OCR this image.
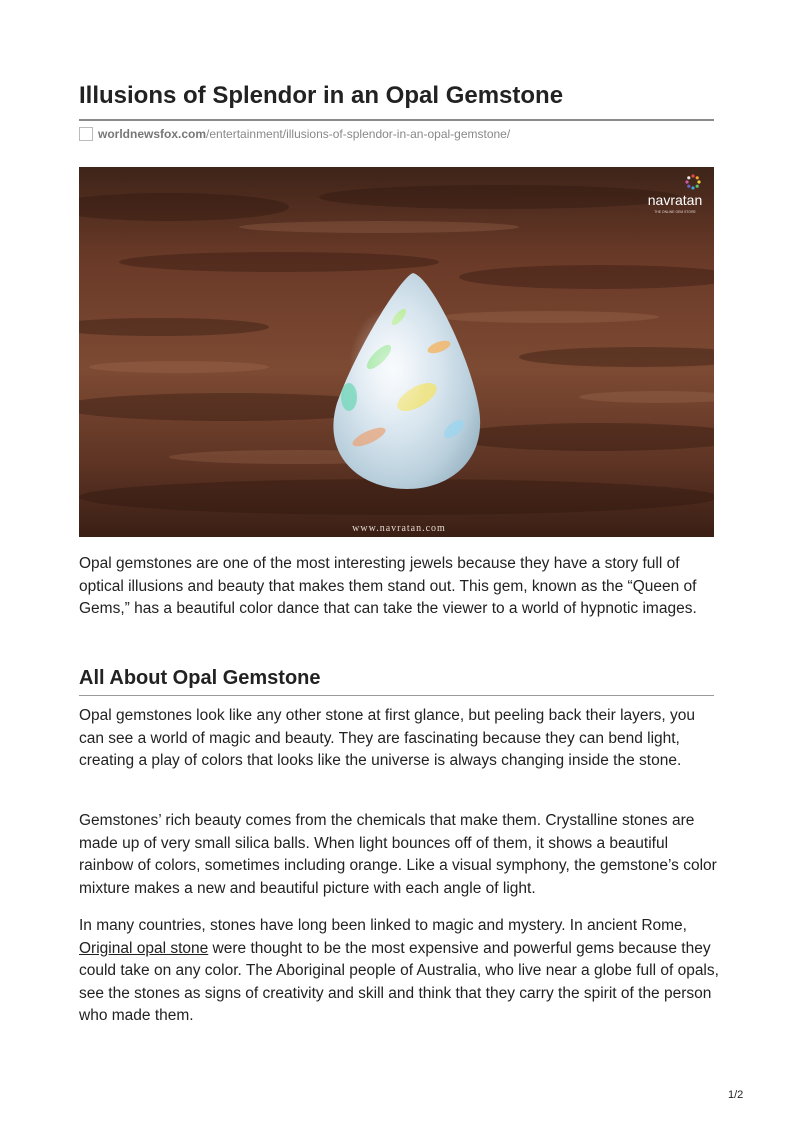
Illusions of Splendor in an Opal Gemstone
worldnewsfox.com /entertainment/illusions-of-splendor-in-an-opal-gemstone/
navratan
THE ONLINE GEM STORE
www.navratan.com

Opal gemstones are one of the most interesting jewels because they have a story full of optical illusions and beauty that makes them stand out. This gem, known as the “Queen of Gems,” has a beautiful color dance that can take the viewer to a world of hypnotic images.

All About Opal Gemstone

Opal gemstones look like any other stone at first glance, but peeling back their layers, you can see a world of magic and beauty. They are fascinating because they can bend light, creating a play of colors that looks like the universe is always changing inside the stone.

Gemstones’ rich beauty comes from the chemicals that make them. Crystalline stones are made up of very small silica balls. When light bounces off of them, it shows a beautiful rainbow of colors, sometimes including orange. Like a visual symphony, the gemstone’s color mixture makes a new and beautiful picture with each angle of light.

In many countries, stones have long been linked to magic and mystery. In ancient Rome, Original opal stone were thought to be the most expensive and powerful gems because they could take on any color. The Aboriginal people of Australia, who live near a globe full of opals, see the stones as signs of creativity and skill and think that they carry the spirit of the person who made them.

1/2
